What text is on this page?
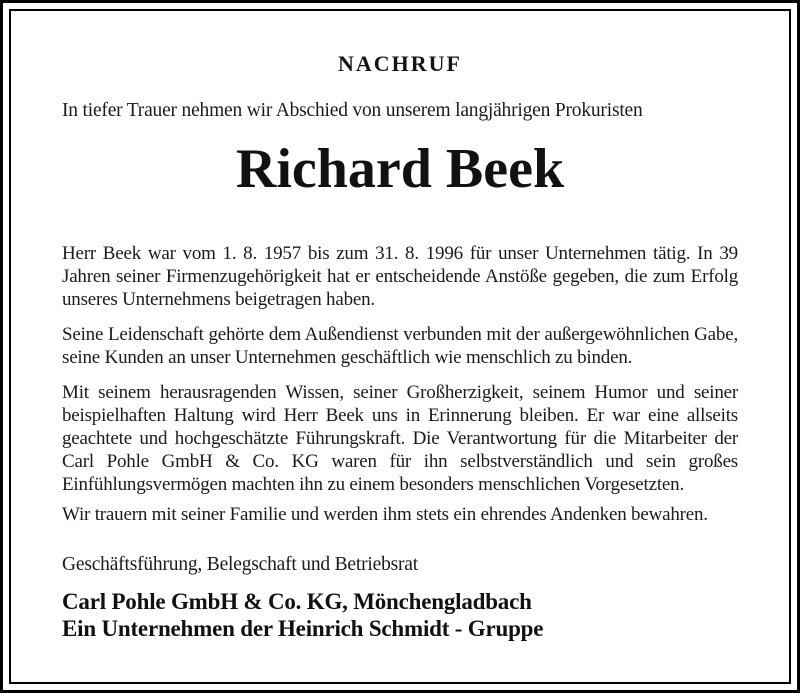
NACHRUF

In tiefer Trauer nehmen wir Abschied von unserem langjährigen Prokuristen

Richard Beek

Herr Beek war vom 1. 8. 1957 bis zum 31. 8. 1996 für unser Unternehmen tätig. In 39 Jahren seiner Firmenzugehörigkeit hat er entscheidende Anstöße gegeben, die zum Erfolg unseres Unternehmens beigetragen haben.

Seine Leidenschaft gehörte dem Außendienst verbunden mit der außergewöhnlichen Gabe, seine Kunden an unser Unternehmen geschäftlich wie menschlich zu binden.

Mit seinem herausragenden Wissen, seiner Großherzigkeit, seinem Humor und seiner beispielhaften Haltung wird Herr Beek uns in Erinnerung bleiben. Er war eine allseits geachtete und hochgeschätzte Führungskraft. Die Verantwortung für die Mitarbeiter der Carl Pohle GmbH & Co. KG waren für ihn selbstverständlich und sein großes Einfühlungsvermögen machten ihn zu einem besonders menschlichen Vorgesetzten.

Wir trauern mit seiner Familie und werden ihm stets ein ehrendes Andenken bewahren.

Geschäftsführung, Belegschaft und Betriebsrat

Carl Pohle GmbH & Co. KG, Mönchengladbach

Ein Unternehmen der Heinrich Schmidt - Gruppe
